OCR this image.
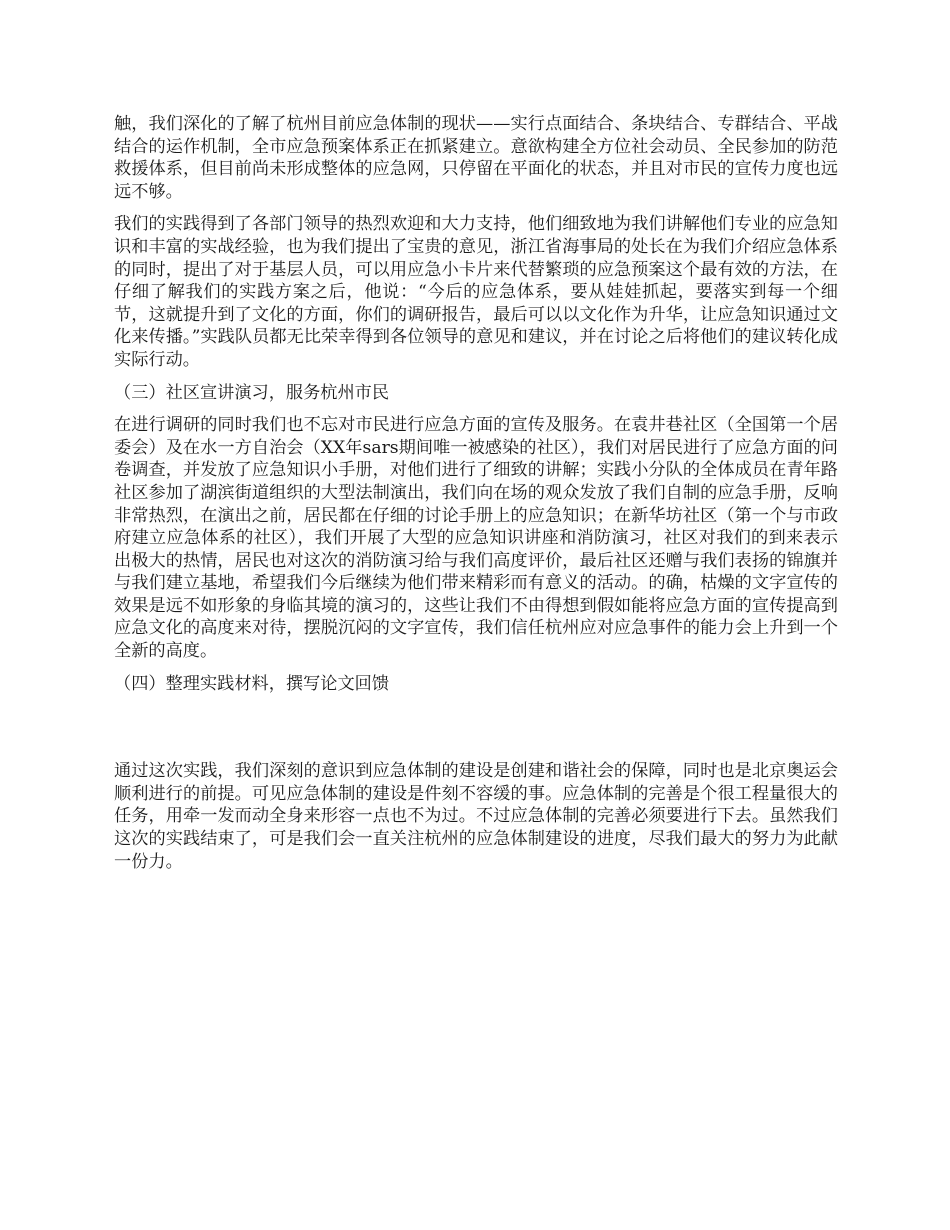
触，我们深化的了解了杭州目前应急体制的现状——实行点面结合、条块结合、专群结合、平战结合的运作机制，全市应急预案体系正在抓紧建立。意欲构建全方位社会动员、全民参加的防范救援体系，但目前尚未形成整体的应急网，只停留在平面化的状态，并且对市民的宣传力度也远远不够。

我们的实践得到了各部门领导的热烈欢迎和大力支持，他们细致地为我们讲解他们专业的应急知识和丰富的实战经验，也为我们提出了宝贵的意见，浙江省海事局的处长在为我们介绍应急体系的同时，提出了对于基层人员，可以用应急小卡片来代替繁琐的应急预案这个最有效的方法，在仔细了解我们的实践方案之后，他说：“今后的应急体系，要从娃娃抓起，要落实到每一个细节，这就提升到了文化的方面，你们的调研报告，最后可以以文化作为升华，让应急知识通过文化来传播。”实践队员都无比荣幸得到各位领导的意见和建议，并在讨论之后将他们的建议转化成实际行动。

（三）社区宣讲演习，服务杭州市民

在进行调研的同时我们也不忘对市民进行应急方面的宣传及服务。在袁井巷社区（全国第一个居委会）及在水一方自治会（XX年sars期间唯一被感染的社区），我们对居民进行了应急方面的问卷调查，并发放了应急知识小手册，对他们进行了细致的讲解；实践小分队的全体成员在青年路社区参加了湖滨街道组织的大型法制演出，我们向在场的观众发放了我们自制的应急手册，反响非常热烈，在演出之前，居民都在仔细的讨论手册上的应急知识；在新华坊社区（第一个与市政府建立应急体系的社区），我们开展了大型的应急知识讲座和消防演习，社区对我们的到来表示出极大的热情，居民也对这次的消防演习给与我们高度评价，最后社区还赠与我们表扬的锦旗并与我们建立基地，希望我们今后继续为他们带来精彩而有意义的活动。的确，枯燥的文字宣传的效果是远不如形象的身临其境的演习的，这些让我们不由得想到假如能将应急方面的宣传提高到应急文化的高度来对待，摆脱沉闷的文字宣传，我们信任杭州应对应急事件的能力会上升到一个全新的高度。

（四）整理实践材料，撰写论文回馈

通过这次实践，我们深刻的意识到应急体制的建设是创建和谐社会的保障，同时也是北京奥运会顺利进行的前提。可见应急体制的建设是件刻不容缓的事。应急体制的完善是个很工程量很大的任务，用牵一发而动全身来形容一点也不为过。不过应急体制的完善必须要进行下去。虽然我们这次的实践结束了，可是我们会一直关注杭州的应急体制建设的进度，尽我们最大的努力为此献一份力。
